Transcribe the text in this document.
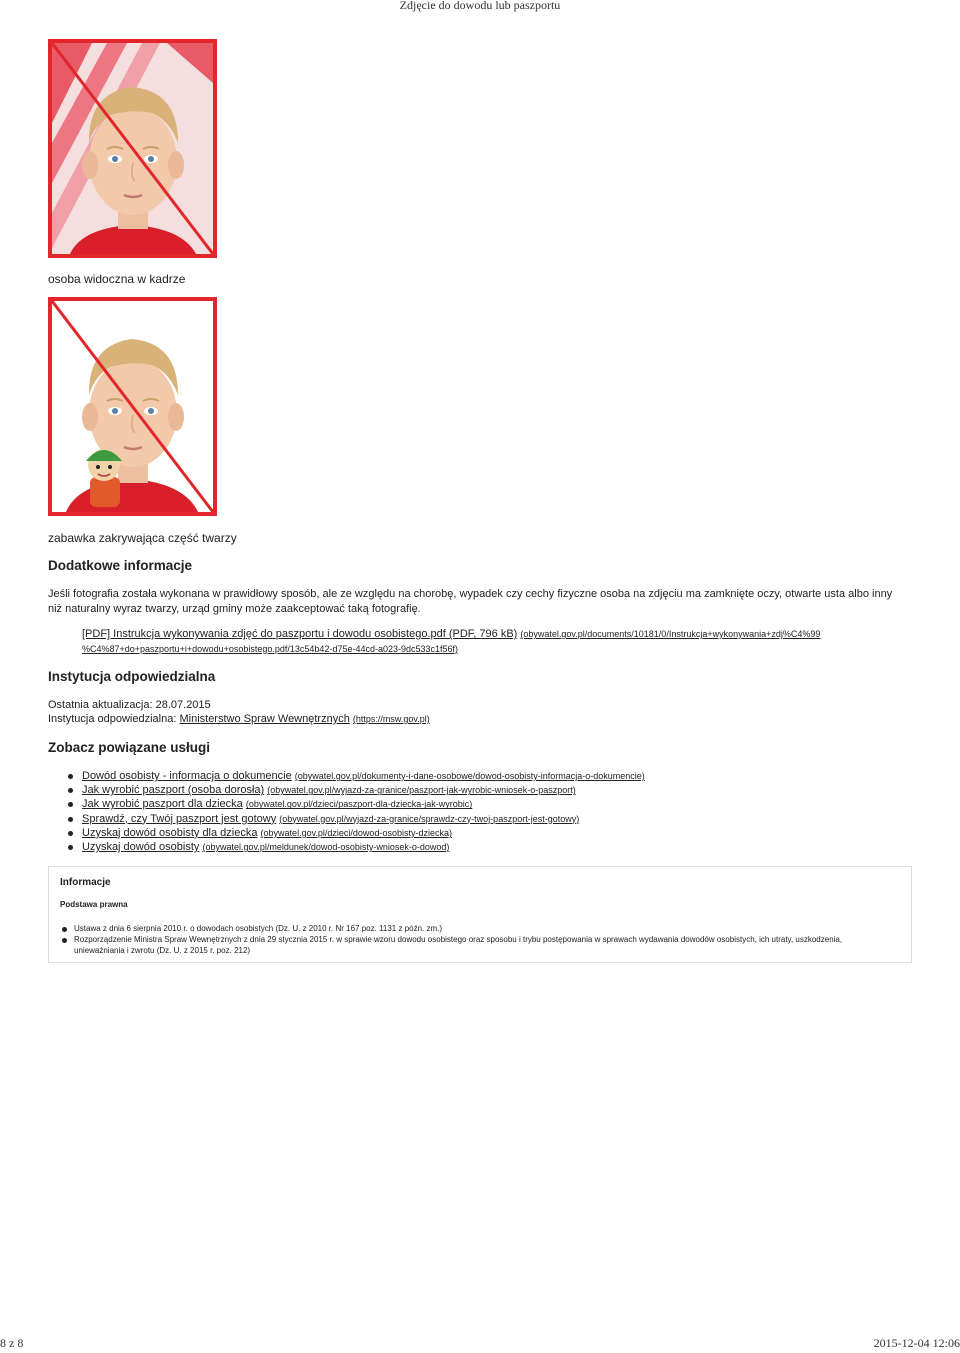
Zdjęcie do dowodu lub paszportu
osoba widoczna w kadrze
zabawka zakrywająca część twarzy
Dodatkowe informacje

Jeśli fotografia została wykonana w prawidłowy sposób, ale ze względu na chorobę, wypadek czy cechy fizyczne osoba na zdjęciu ma zamknięte oczy, otwarte usta albo inny niż naturalny wyraz twarzy, urząd gminy może zaakceptować taką fotografię.

[PDF] Instrukcja wykonywania zdjęć do paszportu i dowodu osobistego.pdf (PDF, 796 kB) (obywatel.gov.pl/documents/10181/0/Instrukcja+wykonywania+zdj%C4%99 %C4%87+do+paszportu+i+dowodu+osobistego.pdf/13c54b42-d75e-44cd-a023-9dc533c1f56f)
Instytucja odpowiedzialna
Ostatnia aktualizacja: 28.07.2015
Instytucja odpowiedzialna: Ministerstwo Spraw Wewnętrznych (https://msw.gov.pl)
Zobacz powiązane usługi
Dowód osobisty - informacja o dokumencie (obywatel.gov.pl/dokumenty-i-dane-osobowe/dowod-osobisty-informacja-o-dokumencie)
Jak wyrobić paszport (osoba dorosła) (obywatel.gov.pl/wyjazd-za-granice/paszport-jak-wyrobic-wniosek-o-paszport)
Jak wyrobić paszport dla dziecka (obywatel.gov.pl/dzieci/paszport-dla-dziecka-jak-wyrobic)
Sprawdź, czy Twój paszport jest gotowy (obywatel.gov.pl/wyjazd-za-granice/sprawdz-czy-twoj-paszport-jest-gotowy)
Uzyskaj dowód osobisty dla dziecka (obywatel.gov.pl/dzieci/dowod-osobisty-dziecka)
Uzyskaj dowód osobisty (obywatel.gov.pl/meldunek/dowod-osobisty-wniosek-o-dowod)
Informacje
Podstawa prawna
Ustawa z dnia 6 sierpnia 2010 r. o dowodach osobistych (Dz. U. z 2010 r. Nr 167 poz. 1131 z późn. zm.)
Rozporządzenie Ministra Spraw Wewnętrznych z dnia 29 stycznia 2015 r. w sprawie wzoru dowodu osobistego oraz sposobu i trybu postępowania w sprawach wydawania dowodów osobistych, ich utraty, uszkodzenia, unieważniania i zwrotu (Dz. U. z 2015 r. poz. 212)
8 z 8	2015-12-04 12:06
